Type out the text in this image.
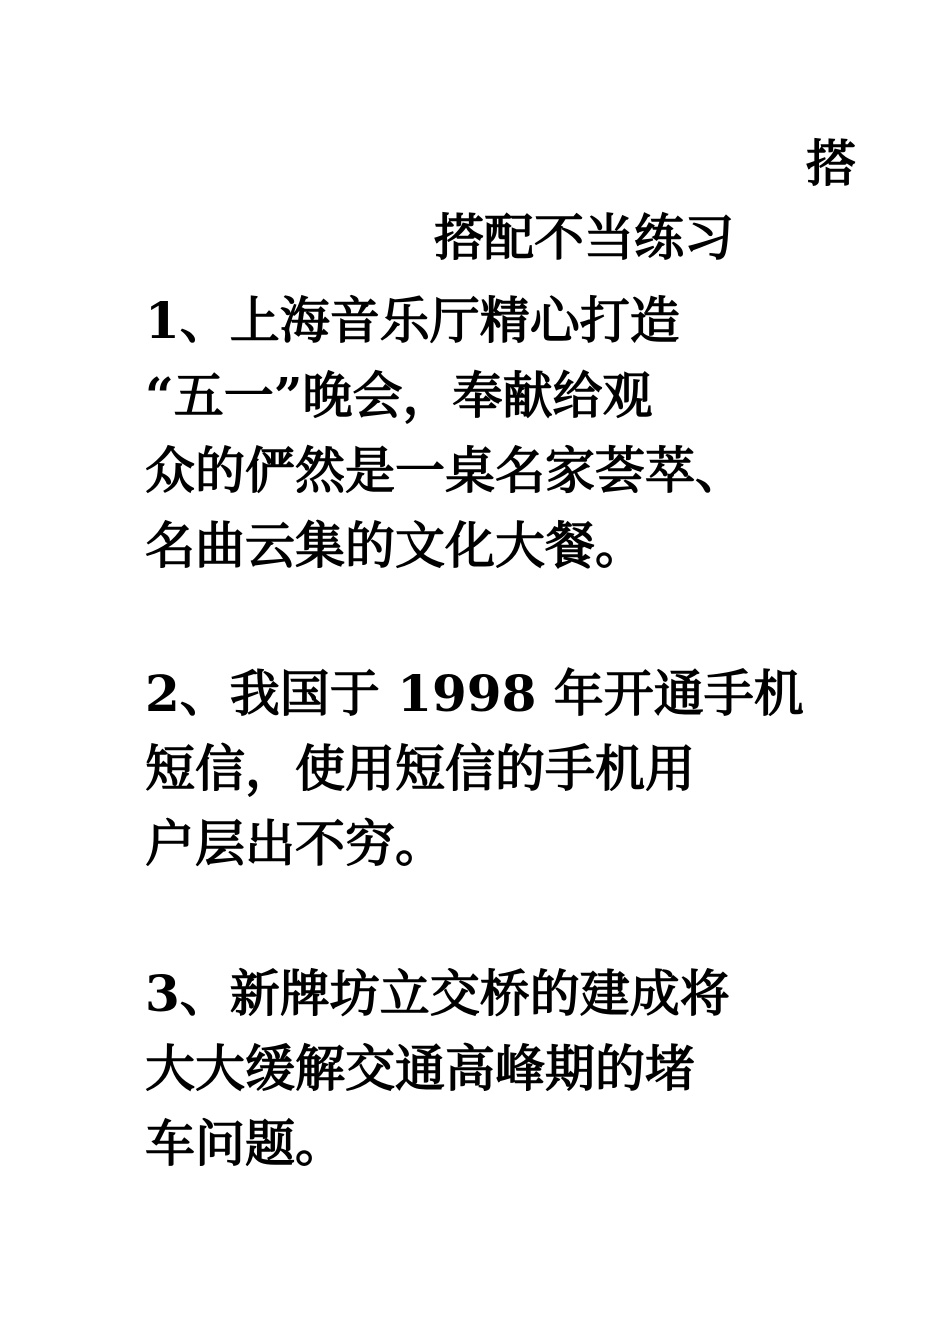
搭
搭配不当练习
1、上海音乐厅精心打造
“五一”晚会，奉献给观
众的俨然是一桌名家荟萃、
名曲云集的文化大餐。
2、我国于 1998 年开通手机
短信，使用短信的手机用
户层出不穷。
3、新牌坊立交桥的建成将
大大缓解交通高峰期的堵
车问题。
